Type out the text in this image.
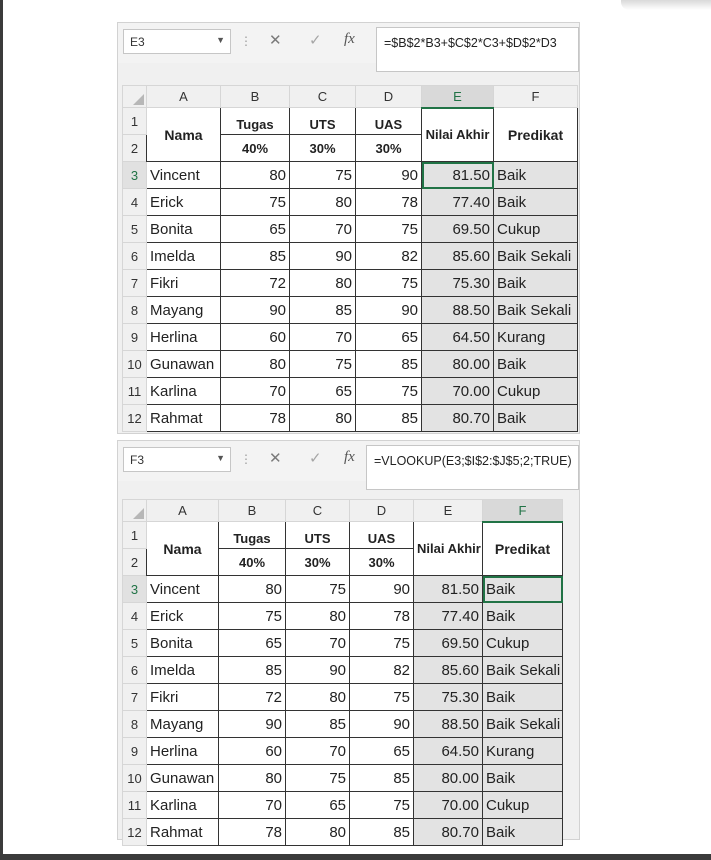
E3	▼ ⋮ ✕ ✓ fx	=$B$2*B3+$C$2*C3+$D$2*D3
	A	B	C	D	E	F
1	Nama	Tugas	UTS	UAS	Nilai Akhir	Predikat
2		40%	30%	30%		
3	Vincent	80	75	90	81.50	Baik
4	Erick	75	80	78	77.40	Baik
5	Bonita	65	70	75	69.50	Cukup
6	Imelda	85	90	82	85.60	Baik Sekali
7	Fikri	72	80	75	75.30	Baik
8	Mayang	90	85	90	88.50	Baik Sekali
9	Herlina	60	70	65	64.50	Kurang
10	Gunawan	80	75	85	80.00	Baik
11	Karlina	70	65	75	70.00	Cukup
12	Rahmat	78	80	85	80.70	Baik
F3	▼ ⋮ ✕ ✓ fx	=VLOOKUP(E3;$I$2:$J$5;2;TRUE)
	A	B	C	D	E	F
1	Nama	Tugas	UTS	UAS	Nilai Akhir	Predikat
2		40%	30%	30%		
3	Vincent	80	75	90	81.50	Baik
4	Erick	75	80	78	77.40	Baik
5	Bonita	65	70	75	69.50	Cukup
6	Imelda	85	90	82	85.60	Baik Sekali
7	Fikri	72	80	75	75.30	Baik
8	Mayang	90	85	90	88.50	Baik Sekali
9	Herlina	60	70	65	64.50	Kurang
10	Gunawan	80	75	85	80.00	Baik
11	Karlina	70	65	75	70.00	Cukup
12	Rahmat	78	80	85	80.70	Baik
